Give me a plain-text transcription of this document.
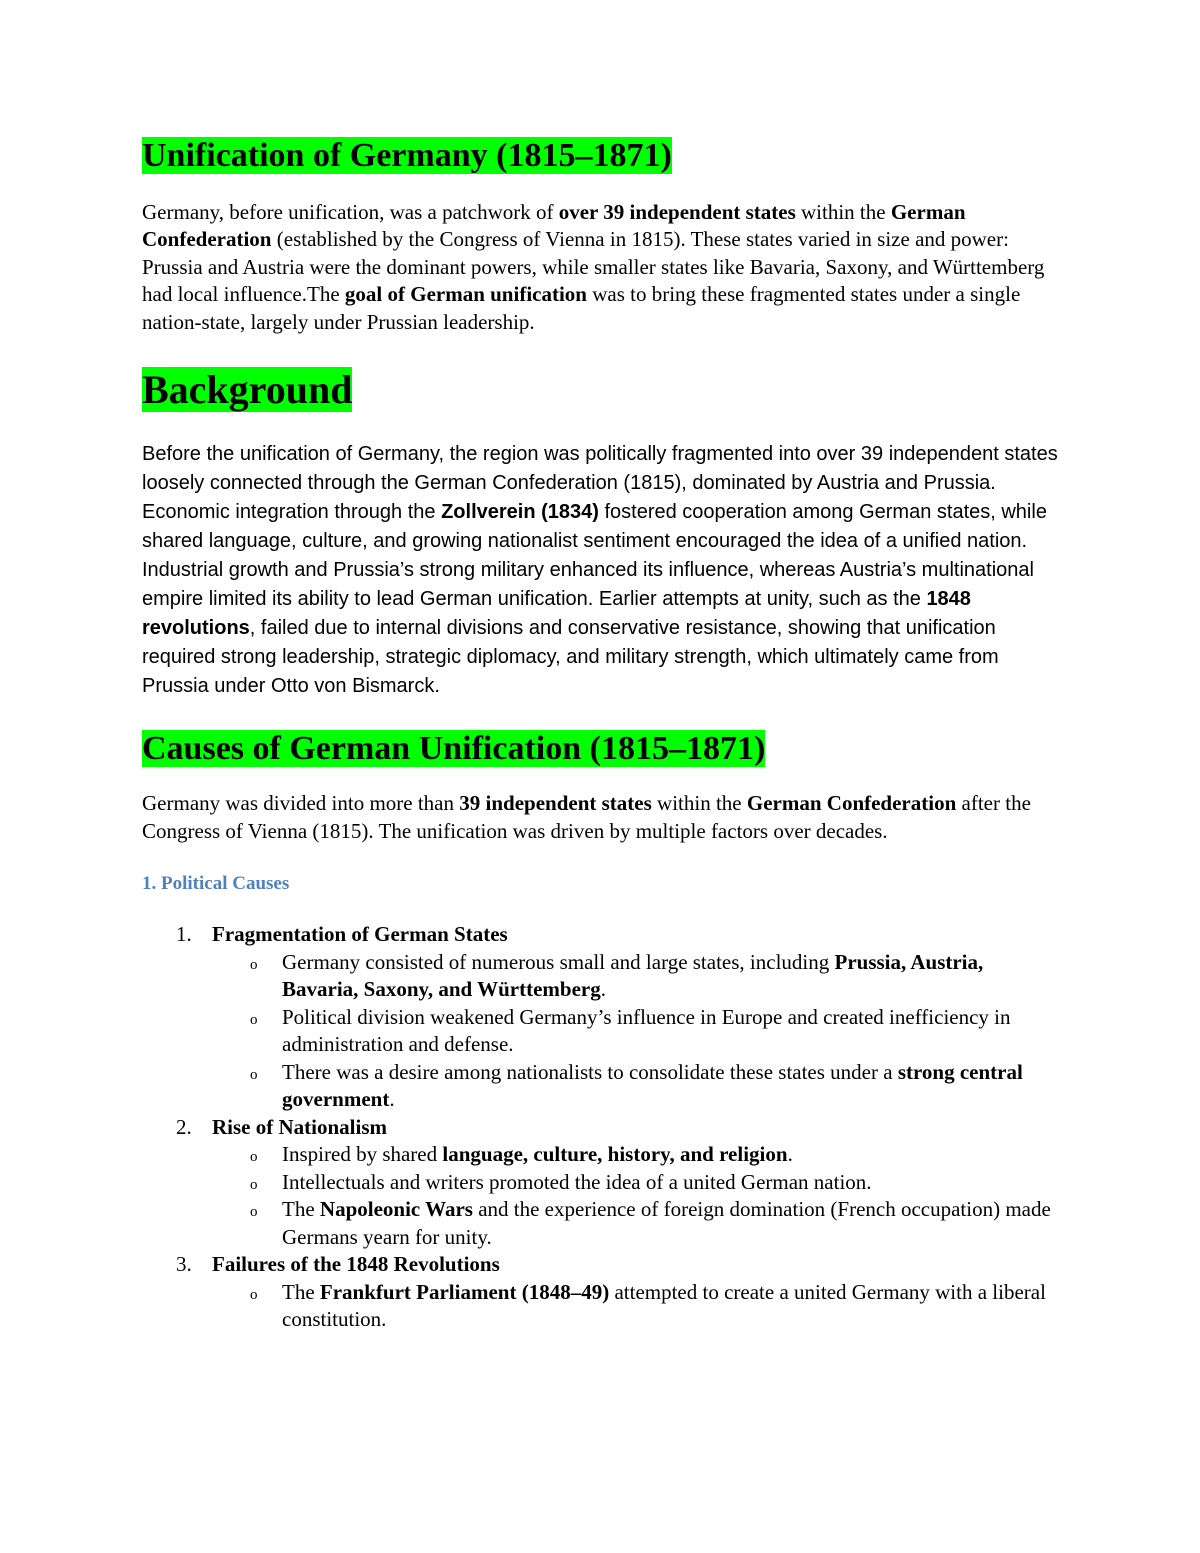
Unification of Germany (1815–1871)

Germany, before unification, was a patchwork of over 39 independent states within the German Confederation (established by the Congress of Vienna in 1815). These states varied in size and power: Prussia and Austria were the dominant powers, while smaller states like Bavaria, Saxony, and Württemberg had local influence.The goal of German unification was to bring these fragmented states under a single nation-state, largely under Prussian leadership.

Background

Before the unification of Germany, the region was politically fragmented into over 39 independent states loosely connected through the German Confederation (1815), dominated by Austria and Prussia. Economic integration through the Zollverein (1834) fostered cooperation among German states, while shared language, culture, and growing nationalist sentiment encouraged the idea of a unified nation. Industrial growth and Prussia’s strong military enhanced its influence, whereas Austria’s multinational empire limited its ability to lead German unification. Earlier attempts at unity, such as the 1848 revolutions, failed due to internal divisions and conservative resistance, showing that unification required strong leadership, strategic diplomacy, and military strength, which ultimately came from Prussia under Otto von Bismarck.

Causes of German Unification (1815–1871)

Germany was divided into more than 39 independent states within the German Confederation after the Congress of Vienna (1815). The unification was driven by multiple factors over decades.

1. Political Causes
1. Fragmentation of German States
o Germany consisted of numerous small and large states, including Prussia, Austria, Bavaria, Saxony, and Württemberg.
o Political division weakened Germany’s influence in Europe and created inefficiency in administration and defense.
o There was a desire among nationalists to consolidate these states under a strong central government.
2. Rise of Nationalism
o Inspired by shared language, culture, history, and religion.
o Intellectuals and writers promoted the idea of a united German nation.
o The Napoleonic Wars and the experience of foreign domination (French occupation) made Germans yearn for unity.
3. Failures of the 1848 Revolutions
o The Frankfurt Parliament (1848–49) attempted to create a united Germany with a liberal constitution.
